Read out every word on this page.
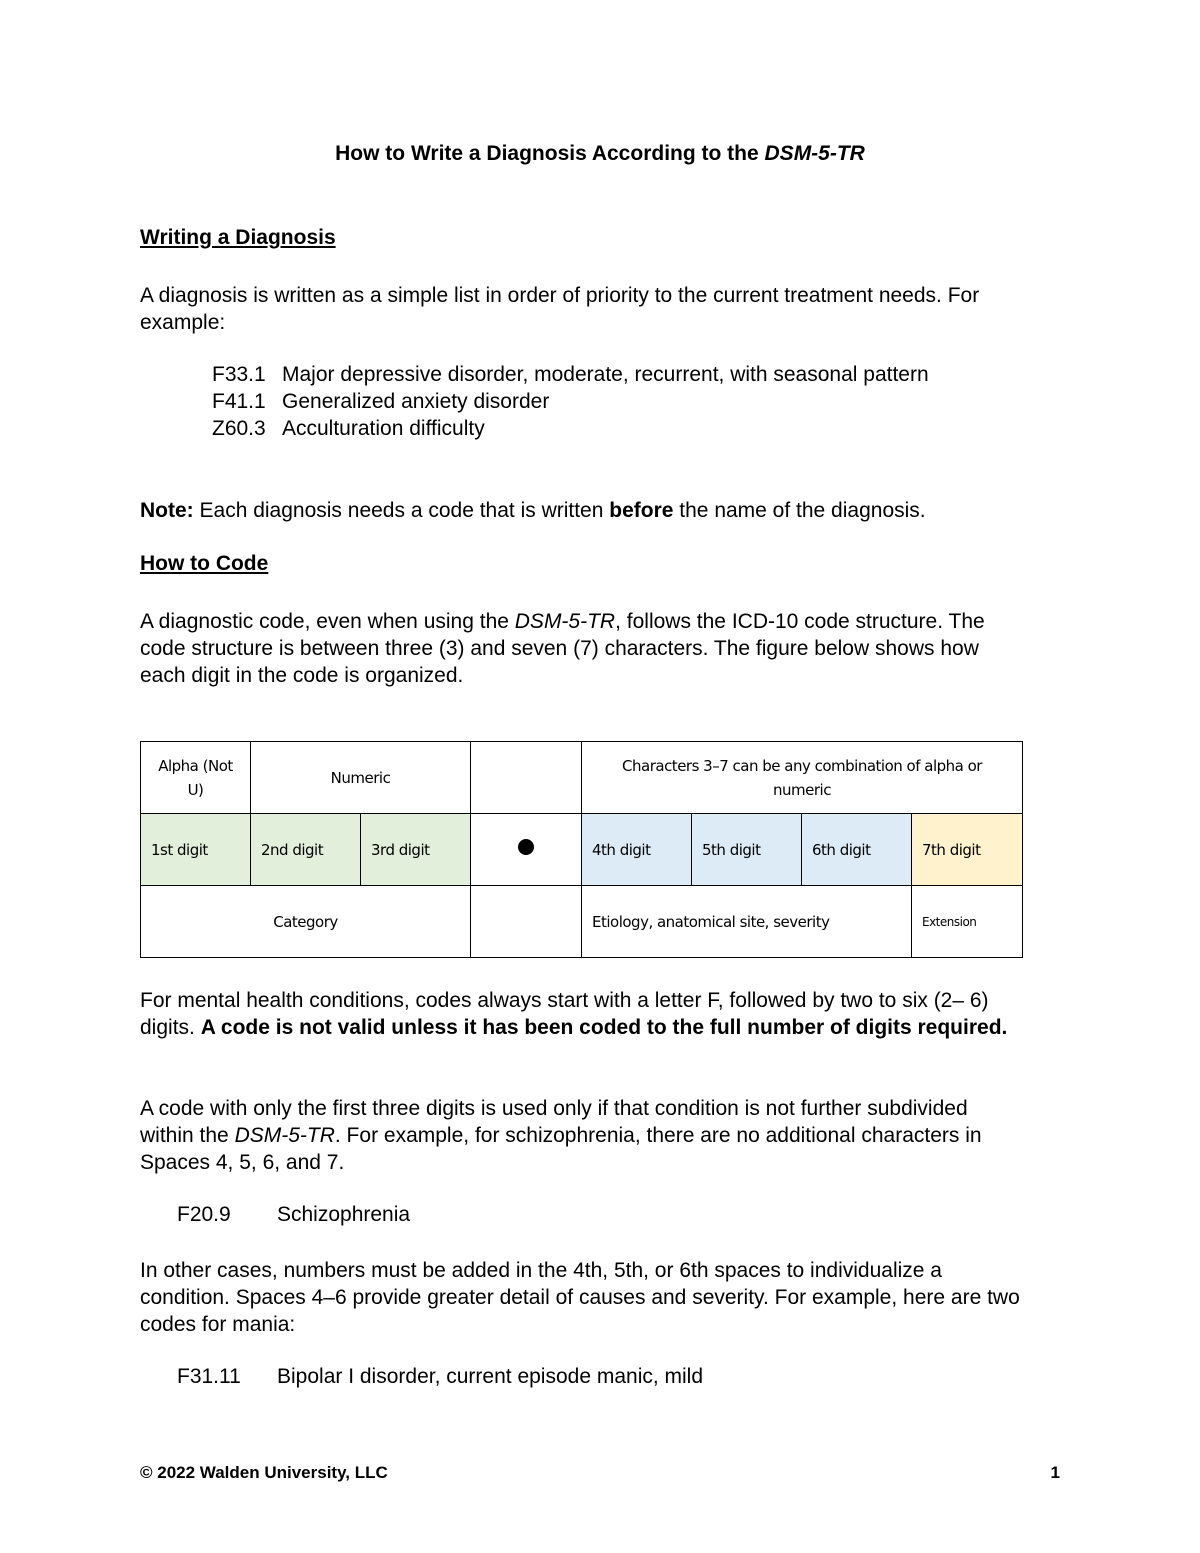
How to Write a Diagnosis According to the DSM-5-TR
Writing a Diagnosis
A diagnosis is written as a simple list in order of priority to the current treatment needs. For example:
F33.1 Major depressive disorder, moderate, recurrent, with seasonal pattern
F41.1 Generalized anxiety disorder
Z60.3 Acculturation difficulty
Note: Each diagnosis needs a code that is written before the name of the diagnosis.
How to Code
A diagnostic code, even when using the DSM-5-TR, follows the ICD-10 code structure. The code structure is between three (3) and seven (7) characters. The figure below shows how each digit in the code is organized.
Alpha (Not U)	Numeric			Characters 3–7 can be any combination of alpha or numeric			
1st digit	2nd digit	3rd digit		4th digit	5th digit	6th digit	7th digit
Category				Etiology, anatomical site, severity			Extension
For mental health conditions, codes always start with a letter F, followed by two to six (2– 6) digits. A code is not valid unless it has been coded to the full number of digits required.
A code with only the first three digits is used only if that condition is not further subdivided within the DSM-5-TR. For example, for schizophrenia, there are no additional characters in Spaces 4, 5, 6, and 7.
F20.9 Schizophrenia
In other cases, numbers must be added in the 4th, 5th, or 6th spaces to individualize a condition. Spaces 4–6 provide greater detail of causes and severity. For example, here are two codes for mania:
F31.11 Bipolar I disorder, current episode manic, mild
© 2022 Walden University, LLC	1
